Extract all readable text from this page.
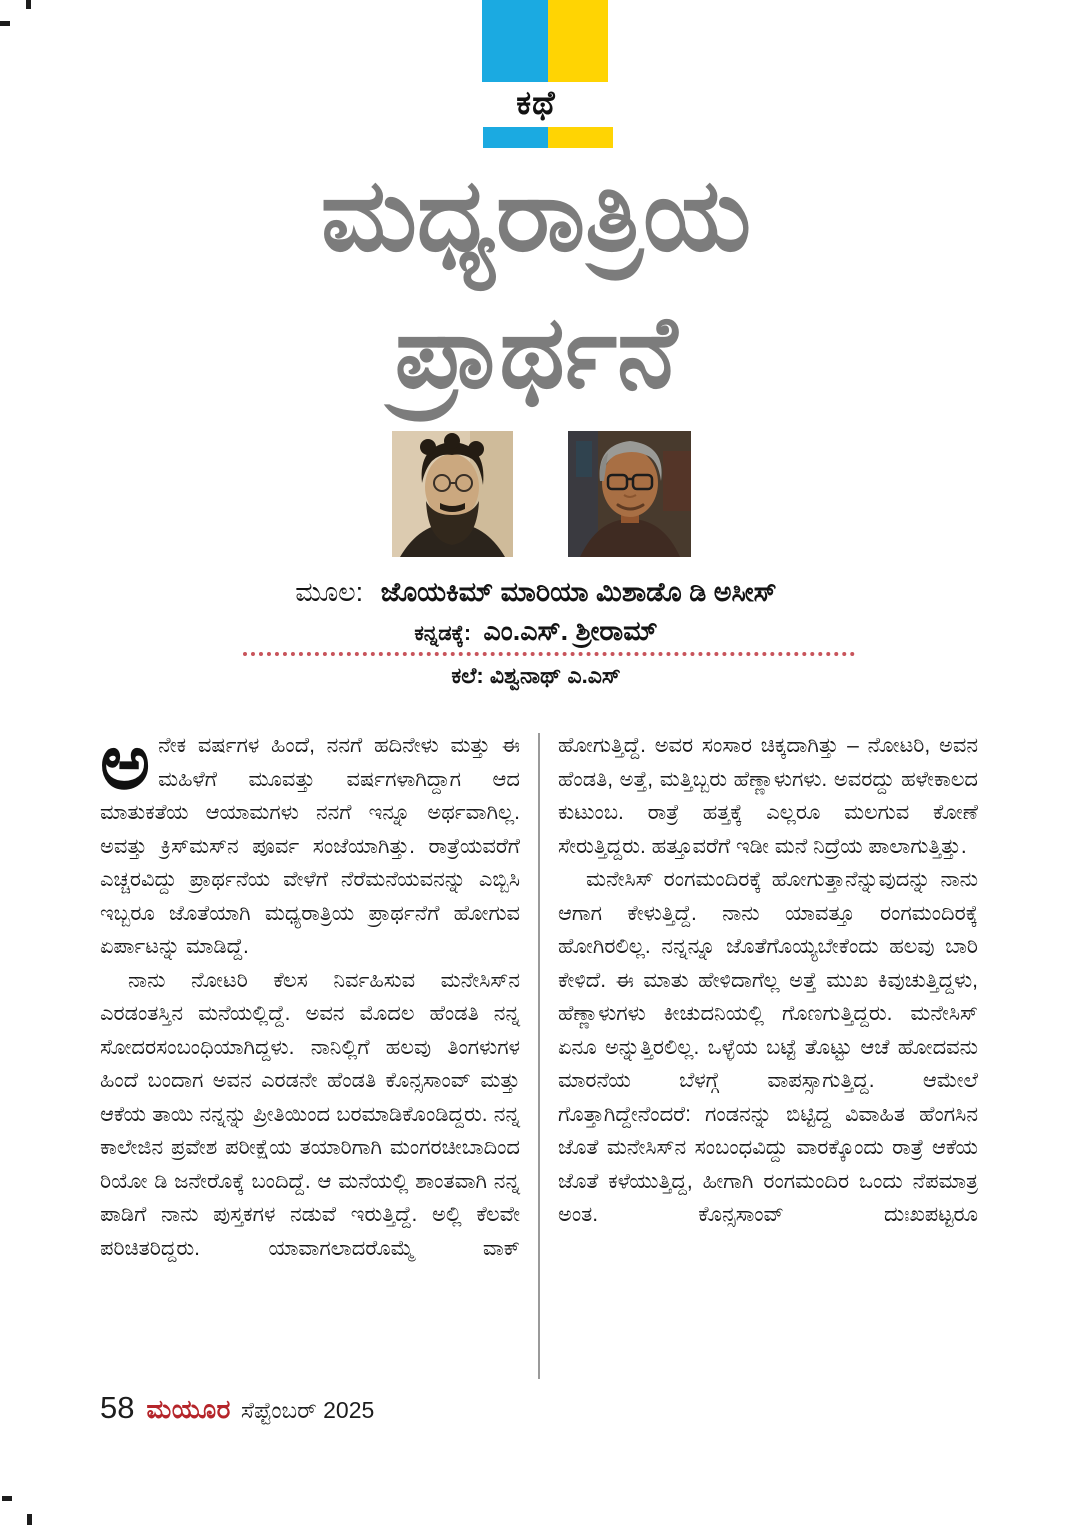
ಕಥೆ
ಮಧ್ಯರಾತ್ರಿಯ
ಪ್ರಾರ್ಥನೆ
ಮೂಲ: ಜೊಯಕಿಮ್ ಮಾರಿಯಾ ಮಿಶಾಡೊ ಡಿ ಅಸೀಸ್
ಕನ್ನಡಕ್ಕೆ: ಎಂ.ಎಸ್. ಶ್ರೀರಾಮ್
ಕಲೆ: ವಿಶ್ವನಾಥ್ ಎ.ಎಸ್

ಅನೇಕ ವರ್ಷಗಳ ಹಿಂದೆ, ನನಗೆ ಹದಿನೇಳು ಮತ್ತು ಈ ಮಹಿಳೆಗೆ ಮೂವತ್ತು ವರ್ಷಗಳಾಗಿದ್ದಾಗ ಆದ ಮಾತುಕತೆಯ ಆಯಾಮಗಳು ನನಗೆ ಇನ್ನೂ ಅರ್ಥವಾಗಿಲ್ಲ. ಅವತ್ತು ಕ್ರಿಸ್‌ಮಸ್‌ನ ಪೂರ್ವ ಸಂಜೆಯಾಗಿತ್ತು. ರಾತ್ರೆಯವರೆಗೆ ಎಚ್ಚರವಿದ್ದು ಪ್ರಾರ್ಥನೆಯ ವೇಳೆಗೆ ನೆರೆಮನೆಯವನನ್ನು ಎಬ್ಬಿಸಿ ಇಬ್ಬರೂ ಜೊತೆಯಾಗಿ ಮಧ್ಯರಾತ್ರಿಯ ಪ್ರಾರ್ಥನೆಗೆ ಹೋಗುವ ಏರ್ಪಾಟನ್ನು ಮಾಡಿದ್ದೆ.

ನಾನು ನೋಟರಿ ಕೆಲಸ ನಿರ್ವಹಿಸುವ ಮನೇಸಿಸ್‌ನ ಎರಡಂತಸ್ತಿನ ಮನೆಯಲ್ಲಿದ್ದೆ. ಅವನ ಮೊದಲ ಹೆಂಡತಿ ನನ್ನ ಸೋದರಸಂಬಂಧಿಯಾಗಿದ್ದಳು. ನಾನಿಲ್ಲಿಗೆ ಹಲವು ತಿಂಗಳುಗಳ ಹಿಂದೆ ಬಂದಾಗ ಅವನ ಎರಡನೇ ಹೆಂಡತಿ ಕೊನ್ಸಸಾಂವ್ ಮತ್ತು ಆಕೆಯ ತಾಯಿ ನನ್ನನ್ನು ಪ್ರೀತಿಯಿಂದ ಬರಮಾಡಿಕೊಂಡಿದ್ದರು. ನನ್ನ ಕಾಲೇಜಿನ ಪ್ರವೇಶ ಪರೀಕ್ಷೆಯ ತಯಾರಿಗಾಗಿ ಮಂಗರಚೀಬಾದಿಂದ ರಿಯೋ ಡಿ ಜನೇರೊಕ್ಕೆ ಬಂದಿದ್ದೆ. ಆ ಮನೆಯಲ್ಲಿ ಶಾಂತವಾಗಿ ನನ್ನ ಪಾಡಿಗೆ ನಾನು ಪುಸ್ತಕಗಳ ನಡುವೆ ಇರುತ್ತಿದ್ದೆ. ಅಲ್ಲಿ ಕೆಲವೇ ಪರಿಚಿತರಿದ್ದರು. ಯಾವಾಗಲಾದರೊಮ್ಮೆ ವಾಕ್

ಹೋಗುತ್ತಿದ್ದೆ. ಅವರ ಸಂಸಾರ ಚಿಕ್ಕದಾಗಿತ್ತು – ನೋಟರಿ, ಅವನ ಹೆಂಡತಿ, ಅತ್ತೆ, ಮತ್ತಿಬ್ಬರು ಹೆಣ್ಣಾಳುಗಳು. ಅವರದ್ದು ಹಳೇಕಾಲದ ಕುಟುಂಬ. ರಾತ್ರೆ ಹತ್ತಕ್ಕೆ ಎಲ್ಲರೂ ಮಲಗುವ ಕೋಣೆ ಸೇರುತ್ತಿದ್ದರು. ಹತ್ತೂವರೆಗೆ ಇಡೀ ಮನೆ ನಿದ್ರೆಯ ಪಾಲಾಗುತ್ತಿತ್ತು.

ಮನೇಸಿಸ್ ರಂಗಮಂದಿರಕ್ಕೆ ಹೋಗುತ್ತಾನೆನ್ನುವುದನ್ನು ನಾನು ಆಗಾಗ ಕೇಳುತ್ತಿದ್ದೆ. ನಾನು ಯಾವತ್ತೂ ರಂಗಮಂದಿರಕ್ಕೆ ಹೋಗಿರಲಿಲ್ಲ. ನನ್ನನ್ನೂ ಜೊತೆಗೊಯ್ಯಬೇಕೆಂದು ಹಲವು ಬಾರಿ ಕೇಳಿದೆ. ಈ ಮಾತು ಹೇಳಿದಾಗೆಲ್ಲ ಅತ್ತೆ ಮುಖ ಕಿವುಚುತ್ತಿದ್ದಳು, ಹೆಣ್ಣಾಳುಗಳು ಕೀಚುದನಿಯಲ್ಲಿ ಗೊಣಗುತ್ತಿದ್ದರು. ಮನೇಸಿಸ್ ಏನೂ ಅನ್ನುತ್ತಿರಲಿಲ್ಲ. ಒಳ್ಳೆಯ ಬಟ್ಟೆ ತೊಟ್ಟು ಆಚೆ ಹೋದವನು ಮಾರನೆಯ ಬೆಳಗ್ಗೆ ವಾಪಸ್ಸಾಗುತ್ತಿದ್ದ. ಆಮೇಲೆ ಗೊತ್ತಾಗಿದ್ದೇನೆಂದರೆ: ಗಂಡನನ್ನು ಬಿಟ್ಟಿದ್ದ ವಿವಾಹಿತ ಹೆಂಗಸಿನ ಜೊತೆ ಮನೇಸಿಸ್‌ನ ಸಂಬಂಧವಿದ್ದು ವಾರಕ್ಕೊಂದು ರಾತ್ರೆ ಆಕೆಯ ಜೊತೆ ಕಳೆಯುತ್ತಿದ್ದ, ಹೀಗಾಗಿ ರಂಗಮಂದಿರ ಒಂದು ನೆಪಮಾತ್ರ ಅಂತ. ಕೊನ್ಸಸಾಂವ್ ದುಃಖಪಟ್ಟರೂ

58 ಮಯೂರ ಸೆಪ್ಟೆಂಬರ್ 2025
